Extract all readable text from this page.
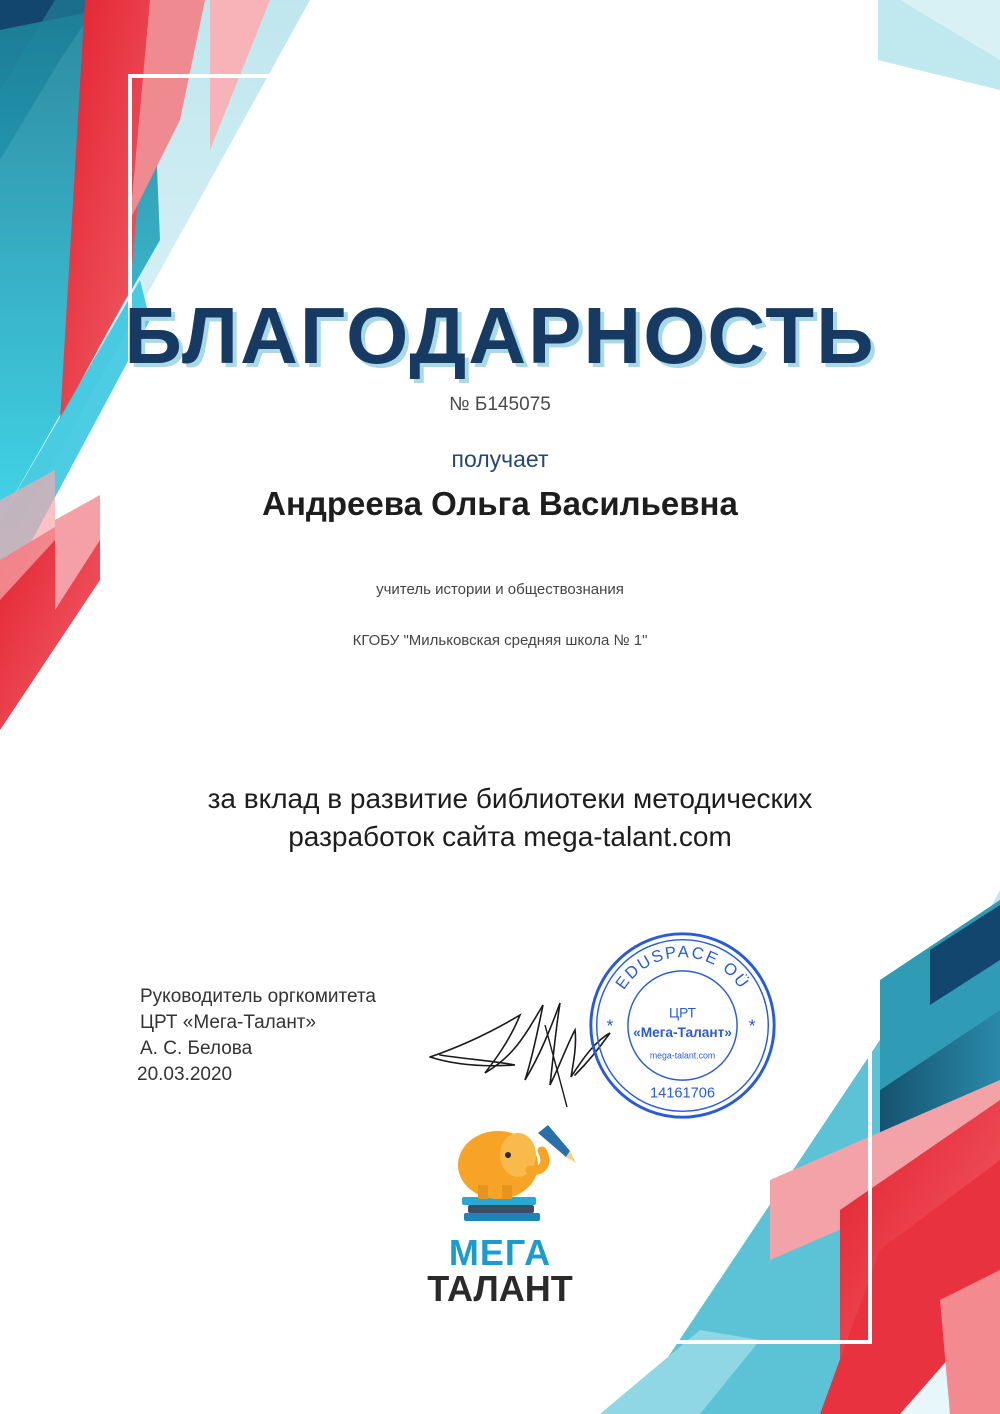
БЛАГОДАРНОСТЬ

№ Б145075

получает

Андреева Ольга Васильевна

учитель истории и обществознания

КГОБУ "Мильковская средняя школа № 1"

за вклад в развитие библиотеки методических
разработок сайта mega-talant.com
Руководитель оргкомитета
ЦРТ «Мега-Талант»
А. С. Белова
20.03.2020
EDUSPACE OÜ
*	*
ЦРТ
«Мега-Талант»
mega-talant.com
14161706

МЕГА

ТАЛАНТ
